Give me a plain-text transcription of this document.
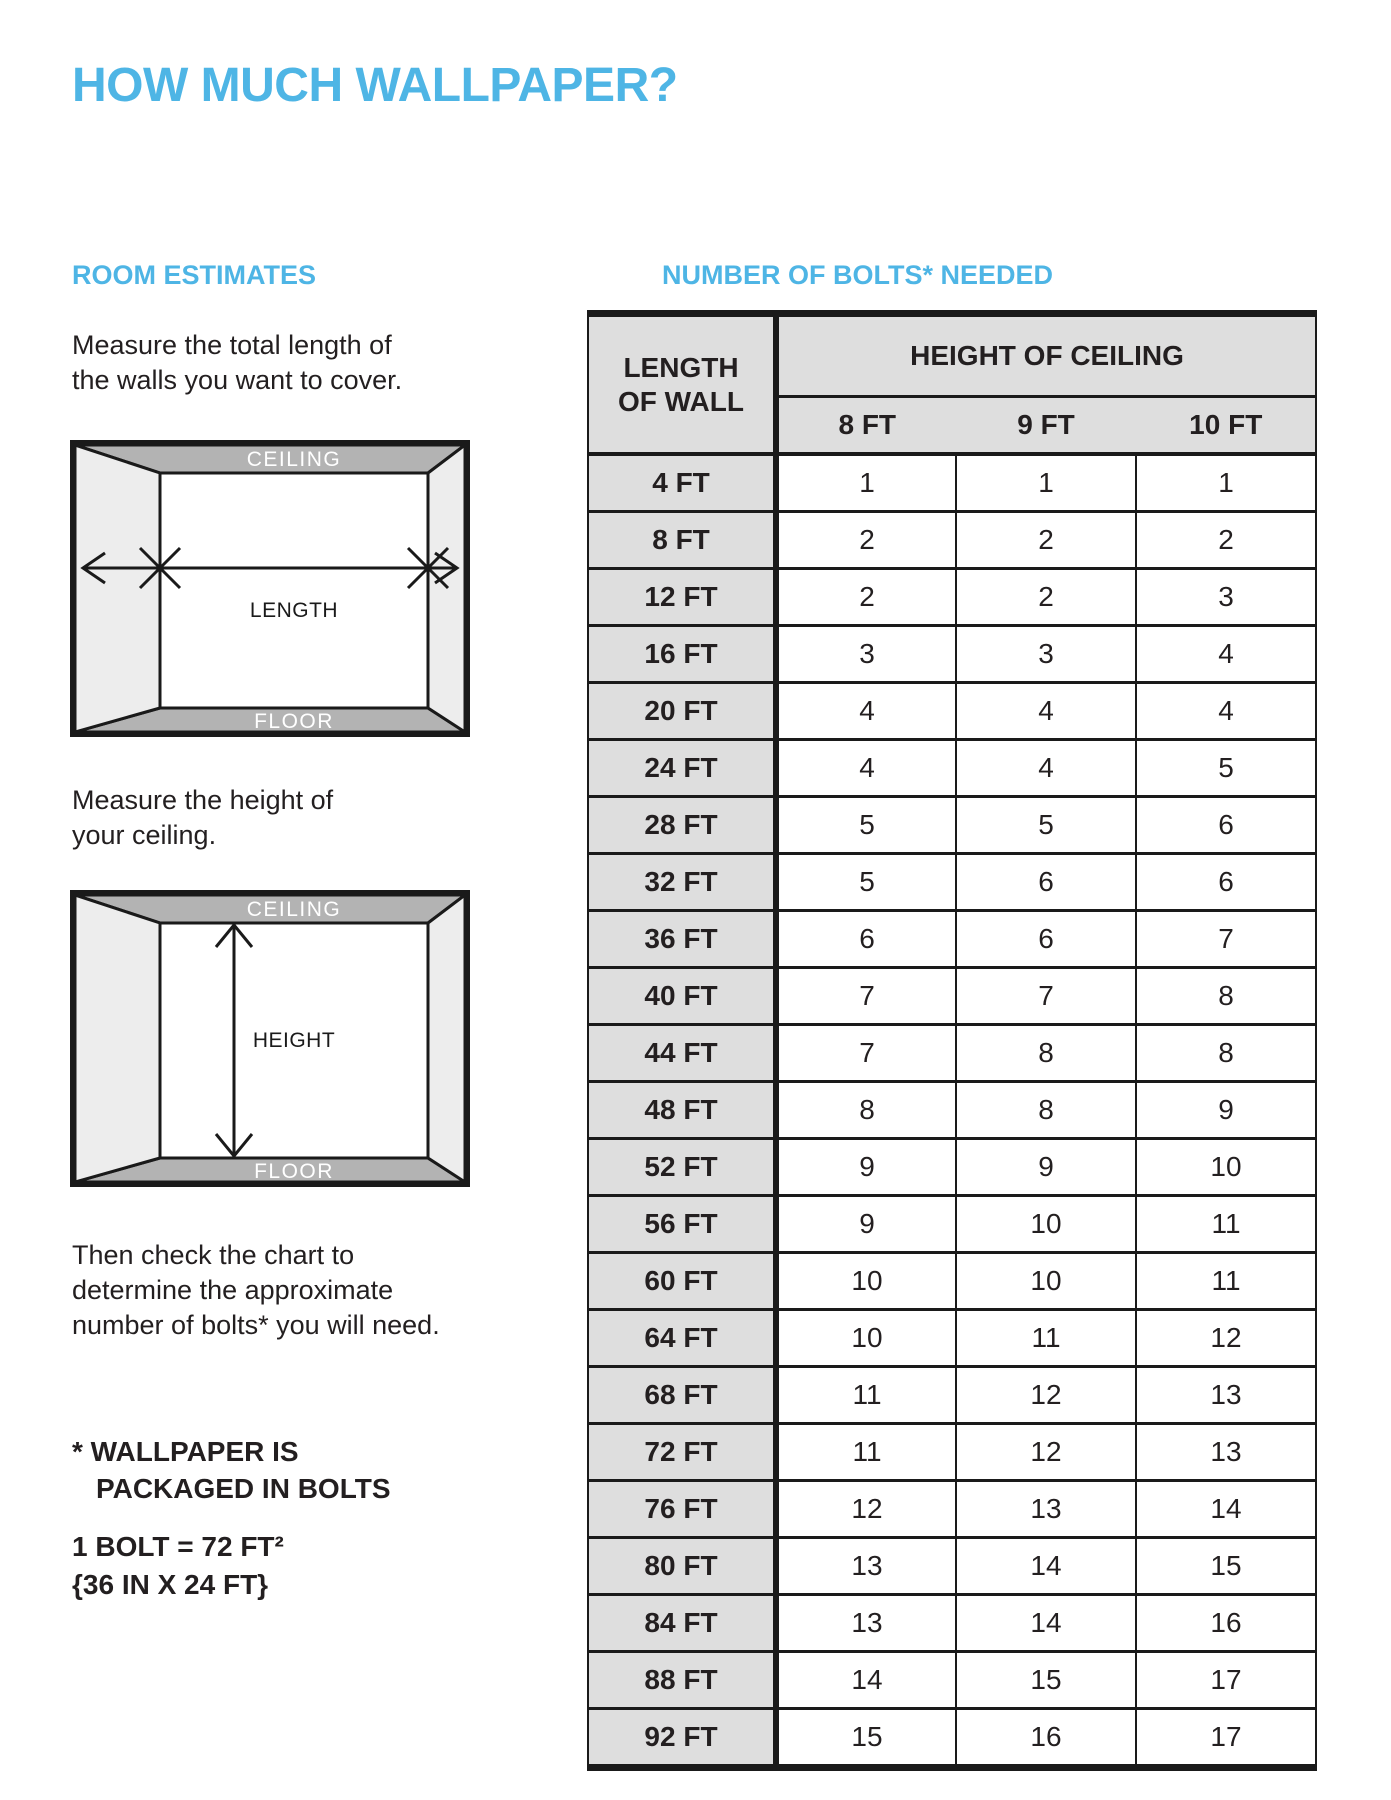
HOW MUCH WALLPAPER?
ROOM ESTIMATES	NUMBER OF BOLTS* NEEDED
Measure the total length of
the walls you want to cover.
CEILING
FLOOR
LENGTH
Measure the height of
your ceiling.
CEILING
FLOOR
HEIGHT
Then check the chart to
determine the approximate
number of bolts* you will need.
* WALLPAPER IS
PACKAGED IN BOLTS
1 BOLT = 72 FT²
{36 IN X 24 FT}
LENGTH
OF WALL	HEIGHT OF CEILING		
	8 FT	9 FT	10 FT
4 FT	1	1	1
8 FT	2	2	2
12 FT	2	2	3
16 FT	3	3	4
20 FT	4	4	4
24 FT	4	4	5
28 FT	5	5	6
32 FT	5	6	6
36 FT	6	6	7
40 FT	7	7	8
44 FT	7	8	8
48 FT	8	8	9
52 FT	9	9	10
56 FT	9	10	11
60 FT	10	10	11
64 FT	10	11	12
68 FT	11	12	13
72 FT	11	12	13
76 FT	12	13	14
80 FT	13	14	15
84 FT	13	14	16
88 FT	14	15	17
92 FT	15	16	17
